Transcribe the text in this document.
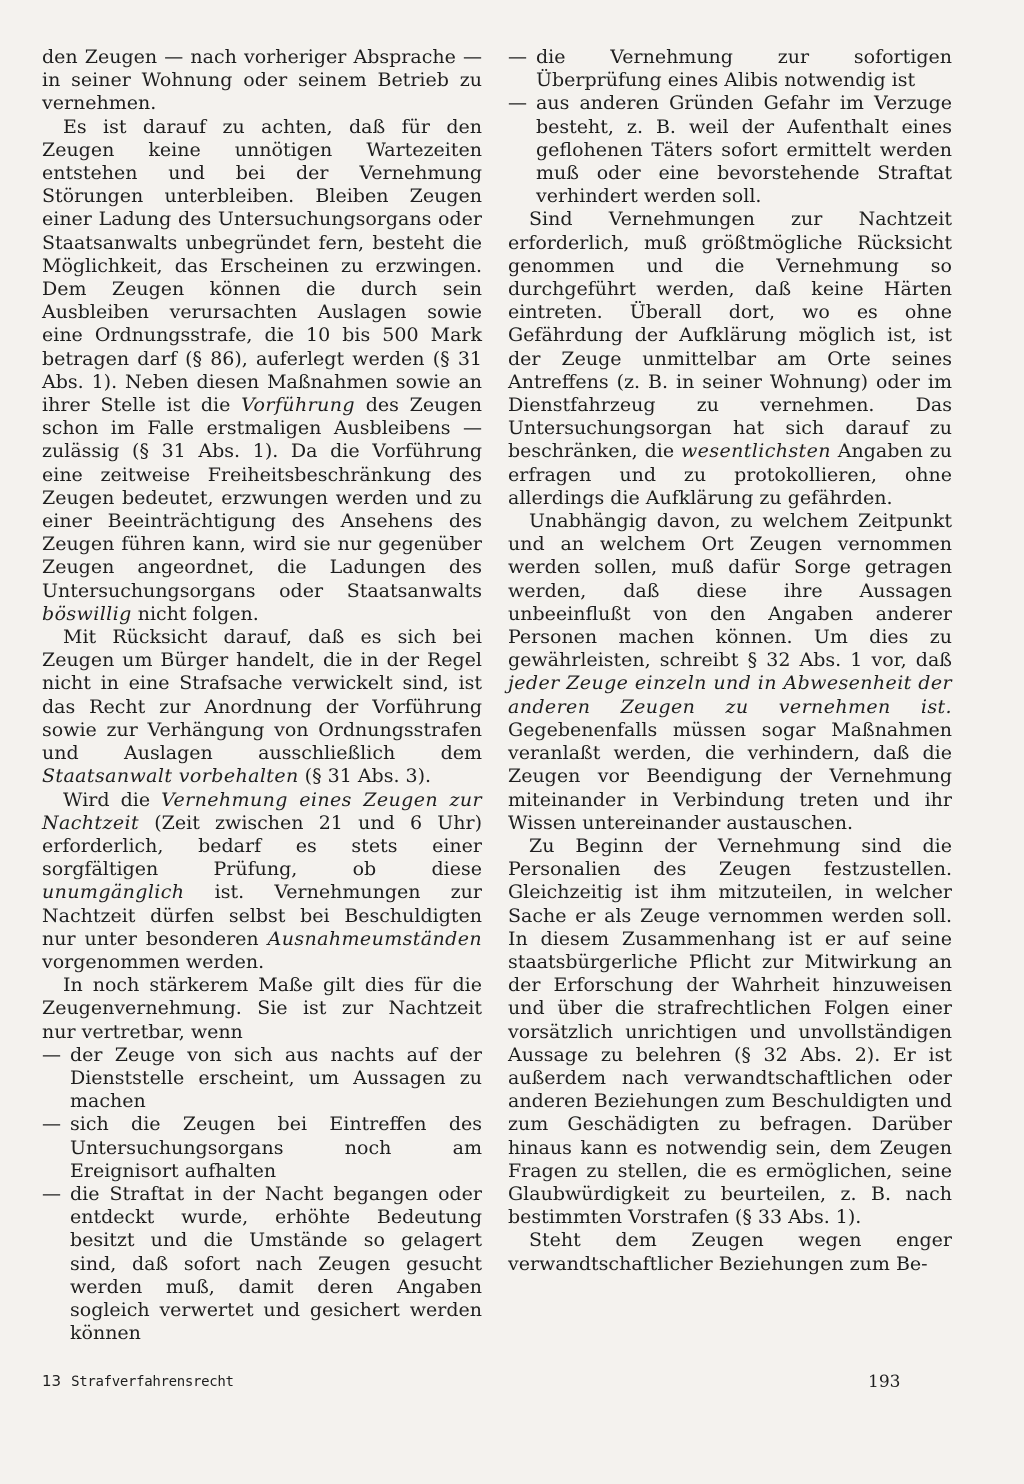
den Zeugen — nach vorheriger Absprache — in seiner Wohnung oder seinem Betrieb zu vernehmen.

Es ist darauf zu achten, daß für den Zeugen keine unnötigen Wartezeiten entstehen und bei der Vernehmung Störungen unterbleiben. Bleiben Zeugen einer Ladung des Untersuchungsorgans oder Staatsanwalts unbegründet fern, besteht die Möglichkeit, das Erscheinen zu erzwingen. Dem Zeugen können die durch sein Ausbleiben verursachten Auslagen sowie eine Ordnungsstrafe, die 10 bis 500 Mark betragen darf (§ 86), auferlegt werden (§ 31 Abs. 1). Neben diesen Maßnahmen sowie an ihrer Stelle ist die Vorführung des Zeugen schon im Falle erstmaligen Ausbleibens — zulässig (§ 31 Abs. 1). Da die Vorführung eine zeitweise Freiheitsbeschränkung des Zeugen bedeutet, erzwungen werden und zu einer Beeinträchtigung des Ansehens des Zeugen führen kann, wird sie nur gegenüber Zeugen angeordnet, die Ladungen des Untersuchungsorgans oder Staatsanwalts böswillig nicht folgen.

Mit Rücksicht darauf, daß es sich bei Zeugen um Bürger handelt, die in der Regel nicht in eine Strafsache verwickelt sind, ist das Recht zur Anordnung der Vorführung sowie zur Verhängung von Ordnungsstrafen und Auslagen ausschließlich dem Staatsanwalt vorbehalten (§ 31 Abs. 3).

Wird die Vernehmung eines Zeugen zur Nachtzeit (Zeit zwischen 21 und 6 Uhr) erforderlich, bedarf es stets einer sorgfältigen Prüfung, ob diese unumgänglich ist. Vernehmungen zur Nachtzeit dürfen selbst bei Beschuldigten nur unter besonderen Ausnahmeumständen vorgenommen werden.

In noch stärkerem Maße gilt dies für die Zeugenvernehmung. Sie ist zur Nachtzeit nur vertretbar, wenn

— der Zeuge von sich aus nachts auf der Dienststelle erscheint, um Aussagen zu machen
— sich die Zeugen bei Eintreffen des Untersuchungsorgans noch am Ereignisort aufhalten
— die Straftat in der Nacht begangen oder entdeckt wurde, erhöhte Bedeutung besitzt und die Umstände so gelagert sind, daß sofort nach Zeugen gesucht werden muß, damit deren Angaben sogleich verwertet und gesichert werden können
— die Vernehmung zur sofortigen Überprüfung eines Alibis notwendig ist
— aus anderen Gründen Gefahr im Verzuge besteht, z. B. weil der Aufenthalt eines geflohenen Täters sofort ermittelt werden muß oder eine bevorstehende Straftat verhindert werden soll.

Sind Vernehmungen zur Nachtzeit erforderlich, muß größtmögliche Rücksicht genommen und die Vernehmung so durchgeführt werden, daß keine Härten eintreten. Überall dort, wo es ohne Gefährdung der Aufklärung möglich ist, ist der Zeuge unmittelbar am Orte seines Antreffens (z. B. in seiner Wohnung) oder im Dienstfahrzeug zu vernehmen. Das Untersuchungsorgan hat sich darauf zu beschränken, die wesentlichsten Angaben zu erfragen und zu protokollieren, ohne allerdings die Aufklärung zu gefährden.

Unabhängig davon, zu welchem Zeitpunkt und an welchem Ort Zeugen vernommen werden sollen, muß dafür Sorge getragen werden, daß diese ihre Aussagen unbeeinflußt von den Angaben anderer Personen machen können. Um dies zu gewährleisten, schreibt § 32 Abs. 1 vor, daß jeder Zeuge einzeln und in Abwesenheit der anderen Zeugen zu vernehmen ist. Gegebenenfalls müssen sogar Maßnahmen veranlaßt werden, die verhindern, daß die Zeugen vor Beendigung der Vernehmung miteinander in Verbindung treten und ihr Wissen untereinander austauschen.

Zu Beginn der Vernehmung sind die Personalien des Zeugen festzustellen. Gleichzeitig ist ihm mitzuteilen, in welcher Sache er als Zeuge vernommen werden soll. In diesem Zusammenhang ist er auf seine staatsbürgerliche Pflicht zur Mitwirkung an der Erforschung der Wahrheit hinzuweisen und über die strafrechtlichen Folgen einer vorsätzlich unrichtigen und unvollständigen Aussage zu belehren (§ 32 Abs. 2). Er ist außerdem nach verwandtschaftlichen oder anderen Beziehungen zum Beschuldigten und zum Geschädigten zu befragen. Darüber hinaus kann es notwendig sein, dem Zeugen Fragen zu stellen, die es ermöglichen, seine Glaubwürdigkeit zu beurteilen, z. B. nach bestimmten Vorstrafen (§ 33 Abs. 1).

Steht dem Zeugen wegen enger verwandtschaftlicher Beziehungen zum Be-

13 Strafverfahrensrecht	193
